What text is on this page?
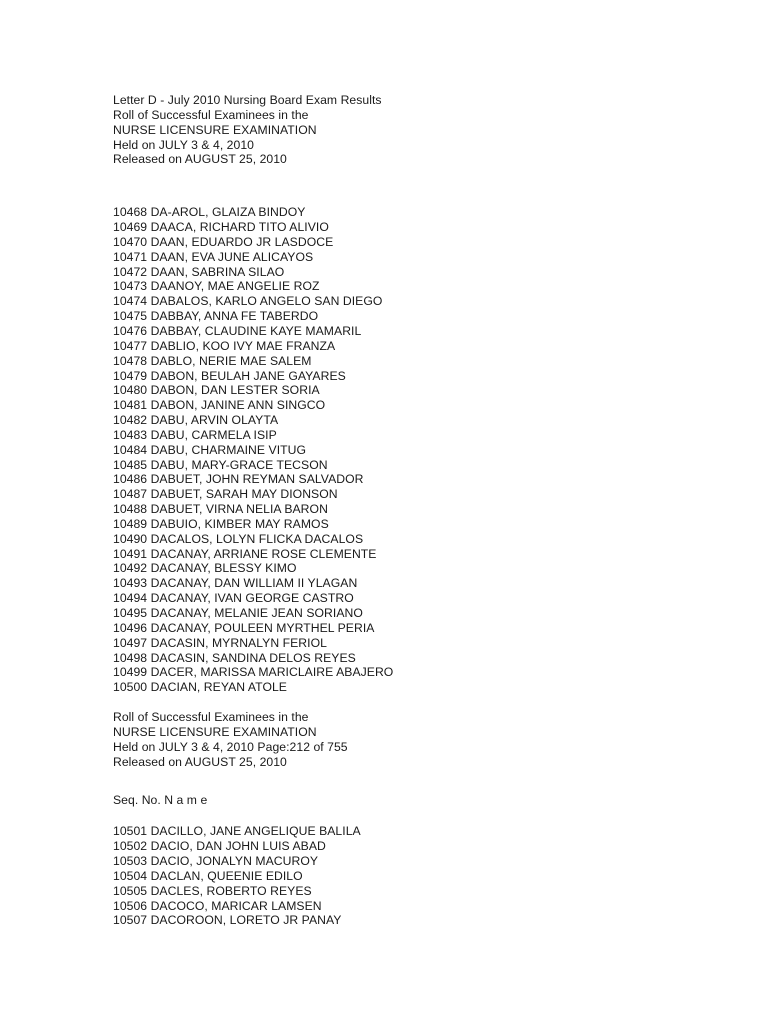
Letter D - July 2010 Nursing Board Exam Results
Roll of Successful Examinees in the
NURSE LICENSURE EXAMINATION
Held on JULY 3 & 4, 2010
Released on AUGUST 25, 2010
10468 DA-AROL, GLAIZA BINDOY
10469 DAACA, RICHARD TITO ALIVIO
10470 DAAN, EDUARDO JR LASDOCE
10471 DAAN, EVA JUNE ALICAYOS
10472 DAAN, SABRINA SILAO
10473 DAANOY, MAE ANGELIE ROZ
10474 DABALOS, KARLO ANGELO SAN DIEGO
10475 DABBAY, ANNA FE TABERDO
10476 DABBAY, CLAUDINE KAYE MAMARIL
10477 DABLIO, KOO IVY MAE FRANZA
10478 DABLO, NERIE MAE SALEM
10479 DABON, BEULAH JANE GAYARES
10480 DABON, DAN LESTER SORIA
10481 DABON, JANINE ANN SINGCO
10482 DABU, ARVIN OLAYTA
10483 DABU, CARMELA ISIP
10484 DABU, CHARMAINE VITUG
10485 DABU, MARY-GRACE TECSON
10486 DABUET, JOHN REYMAN SALVADOR
10487 DABUET, SARAH MAY DIONSON
10488 DABUET, VIRNA NELIA BARON
10489 DABUIO, KIMBER MAY RAMOS
10490 DACALOS, LOLYN FLICKA DACALOS
10491 DACANAY, ARRIANE ROSE CLEMENTE
10492 DACANAY, BLESSY KIMO
10493 DACANAY, DAN WILLIAM II YLAGAN
10494 DACANAY, IVAN GEORGE CASTRO
10495 DACANAY, MELANIE JEAN SORIANO
10496 DACANAY, POULEEN MYRTHEL PERIA
10497 DACASIN, MYRNALYN FERIOL
10498 DACASIN, SANDINA DELOS REYES
10499 DACER, MARISSA MARICLAIRE ABAJERO
10500 DACIAN, REYAN ATOLE
Roll of Successful Examinees in the
NURSE LICENSURE EXAMINATION
Held on JULY 3 & 4, 2010 Page:212 of 755
Released on AUGUST 25, 2010
Seq. No. N a m e
10501 DACILLO, JANE ANGELIQUE BALILA
10502 DACIO, DAN JOHN LUIS ABAD
10503 DACIO, JONALYN MACUROY
10504 DACLAN, QUEENIE EDILO
10505 DACLES, ROBERTO REYES
10506 DACOCO, MARICAR LAMSEN
10507 DACOROON, LORETO JR PANAY
